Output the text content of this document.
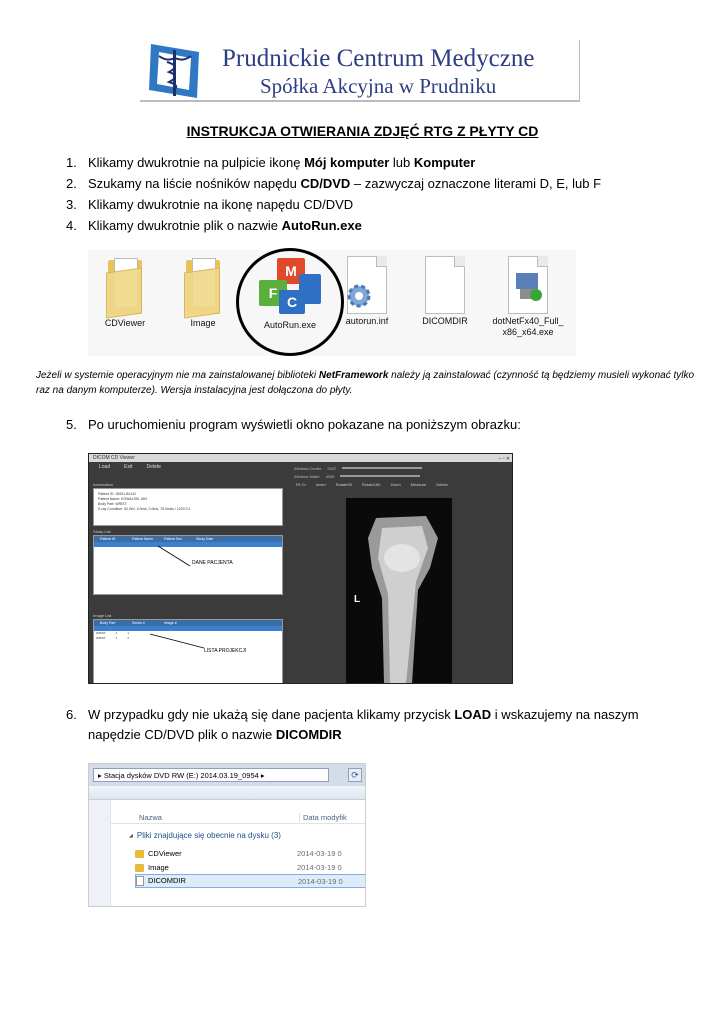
Prudnickie Centrum Medyczne
Spółka Akcyjna w Prudniku
INSTRUKCJA OTWIERANIA ZDJĘĆ RTG Z PŁYTY CD
1. Klikamy dwukrotnie na pulpicie ikonę Mój komputer lub Komputer
2. Szukamy na liście nośników napędu CD/DVD – zazwyczaj oznaczone literami D, E, lub F
3. Klikamy dwukrotnie na ikonę napędu CD/DVD
4. Klikamy dwukrotnie plik o nazwie AutoRun.exe
CDViewer	Image
M
F
C
AutoRun.exe	autorun.inf	DICOMDIR	dotNetFx40_Full_ x86_x64.exe
Jeżeli w systemie operacyjnym nie ma zainstalowanej biblioteki NetFramework należy ją zainstalować (czynność tą będziemy musieli wykonać tylko raz na danym komputerze). Wersja instalacyjna jest dołączona do płyty.
5. Po uruchomieniu program wyświetli okno pokazane na poniższym obrazku:
DICOM CD Viewer	– ▫ ✕
Load	Exit	Delete
Information
Patient ID: 15001-84142
Patient Name: KOWALSKI JAN
Body Part: WRIST
X-ray Condition: 52.0kV, 4.0mA, 0.0ms, 75.0mAs / 1200 0.1
Study List
Patient ID	Patient Name	Patient Sex	Study Date
DANE PACJENTA
Image List
Body Part	Series #	Image #
WRIST	1	1
WRIST	1	2
LISTA PROJEKCJI
Window Center 2047
Window Width 4095
Fit To	Invert	Rotate90	Rotate180	Zoom	Measure	Delete
L
6. W przypadku gdy nie ukażą się dane pacjenta klikamy przycisk LOAD i wskazujemy na naszym napędzie CD/DVD plik o nazwie DICOMDIR
▸ Stacja dysków DVD RW (E:) 2014.03.19_0954 ▸	⟳
Nazwa	Data modyfik
◢ Pliki znajdujące się obecnie na dysku (3)
CDViewer	2014-03-19 0
Image	2014-03-19 0
DICOMDIR	2014-03-19 0
